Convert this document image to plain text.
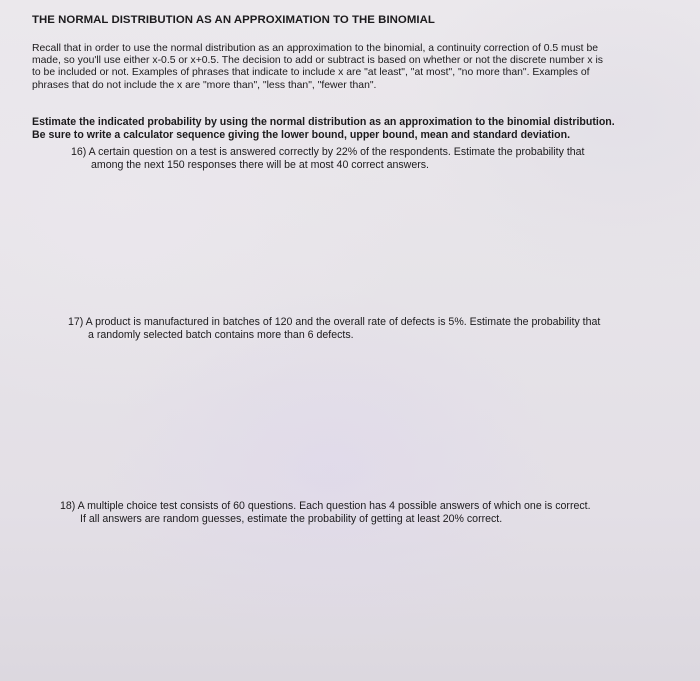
THE NORMAL DISTRIBUTION AS AN APPROXIMATION TO THE BINOMIAL
Recall that in order to use the normal distribution as an approximation to the binomial, a continuity correction of 0.5 must be
made, so you'll use either x-0.5 or x+0.5. The decision to add or subtract is based on whether or not the discrete number x is
to be included or not. Examples of phrases that indicate to include x are "at least", "at most", "no more than". Examples of
phrases that do not include the x are "more than", "less than", "fewer than".
Estimate the indicated probability by using the normal distribution as an approximation to the binomial distribution.
Be sure to write a calculator sequence giving the lower bound, upper bound, mean and standard deviation.
16) A certain question on a test is answered correctly by 22% of the respondents. Estimate the probability that
among the next 150 responses there will be at most 40 correct answers.
17) A product is manufactured in batches of 120 and the overall rate of defects is 5%. Estimate the probability that
a randomly selected batch contains more than 6 defects.
18) A multiple choice test consists of 60 questions. Each question has 4 possible answers of which one is correct.
If all answers are random guesses, estimate the probability of getting at least 20% correct.
